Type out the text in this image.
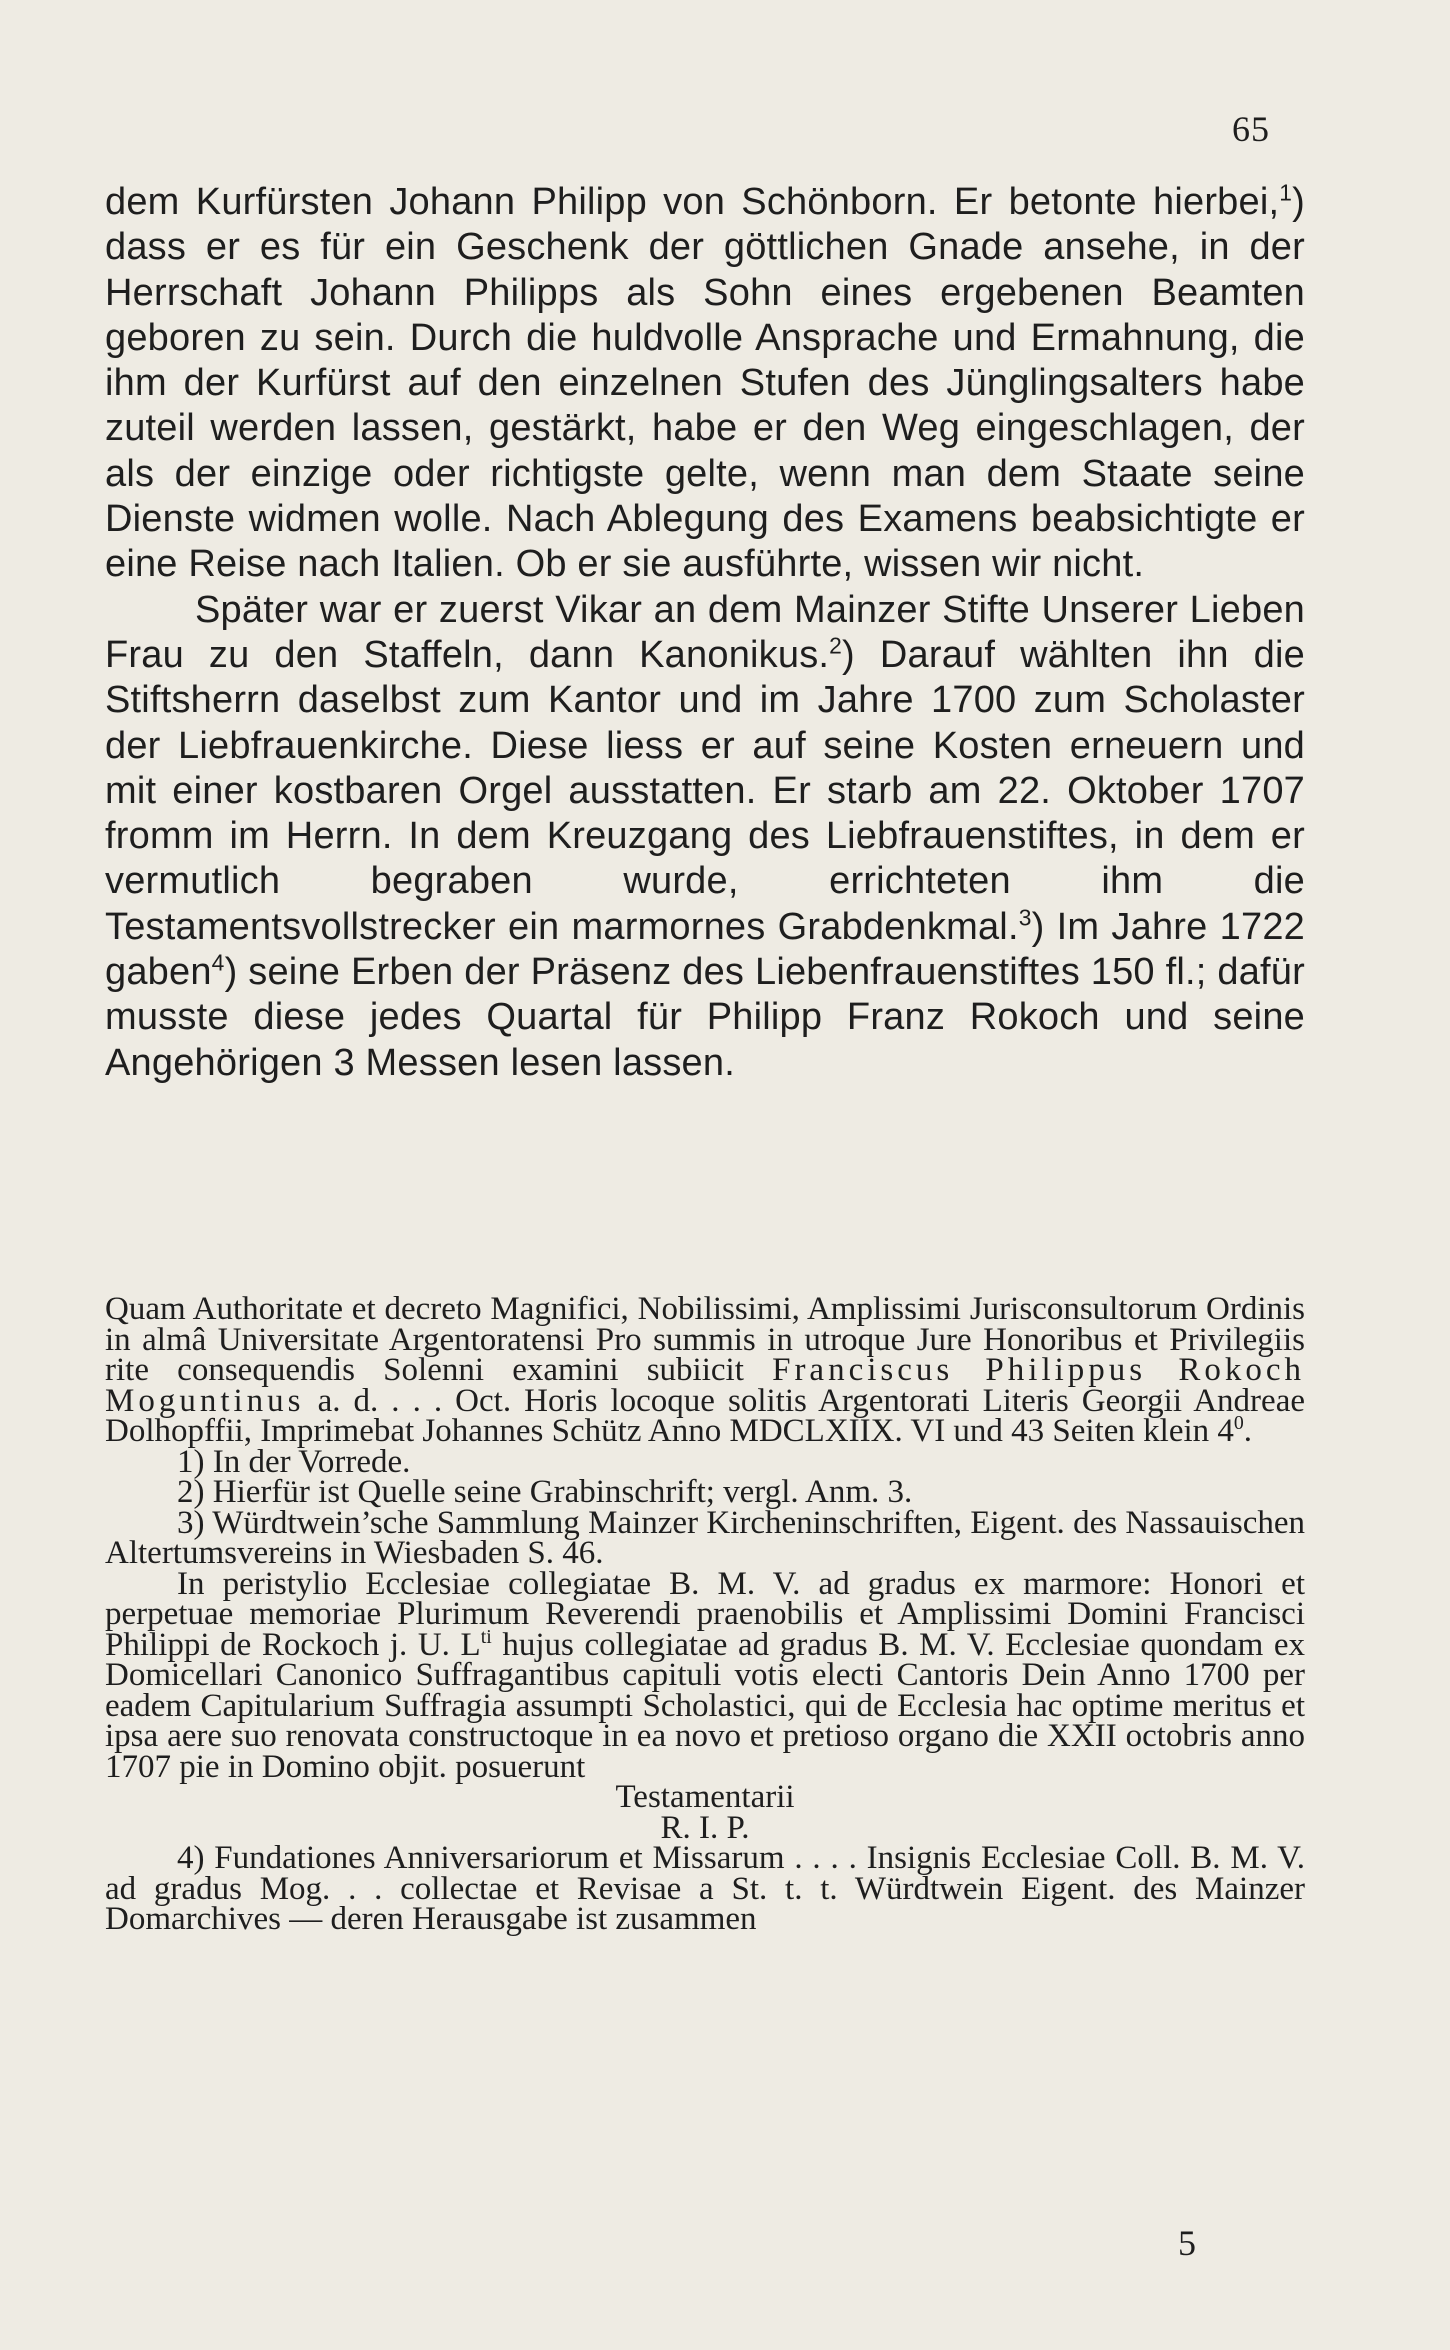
65

dem Kurfürsten Johann Philipp von Schönborn. Er betonte hierbei,$^1$) dass er es für ein Geschenk der göttlichen Gnade ansehe, in der Herrschaft Johann Philipps als Sohn eines ergebenen Beamten geboren zu sein. Durch die huldvolle Ansprache und Ermahnung, die ihm der Kurfürst auf den einzelnen Stufen des Jünglingsalters habe zuteil werden lassen, gestärkt, habe er den Weg eingeschlagen, der als der einzige oder richtigste gelte, wenn man dem Staate seine Dienste widmen wolle. Nach Ablegung des Examens beabsichtigte er eine Reise nach Italien. Ob er sie ausführte, wissen wir nicht.

Später war er zuerst Vikar an dem Mainzer Stifte Unserer Lieben Frau zu den Staffeln, dann Kanonikus.$^2$) Darauf wählten ihn die Stiftsherrn daselbst zum Kantor und im Jahre 1700 zum Scholaster der Liebfrauenkirche. Diese liess er auf seine Kosten erneuern und mit einer kostbaren Orgel ausstatten. Er starb am 22. Oktober 1707 fromm im Herrn. In dem Kreuzgang des Liebfrauenstiftes, in dem er vermutlich begraben wurde, errichteten ihm die Testamentsvollstrecker ein marmornes Grabdenkmal.$^3$) Im Jahre 1722 gaben$^4$) seine Erben der Präsenz des Liebenfrauenstiftes 150 fl.; dafür musste diese jedes Quartal für Philipp Franz Rokoch und seine Angehörigen 3 Messen lesen lassen.

Quam Authoritate et decreto Magnifici, Nobilissimi, Amplissimi Jurisconsultorum Ordinis in almâ Universitate Argentoratensi Pro summis in utroque Jure Honoribus et Privilegiis rite consequendis Solenni examini subiicit Franciscus Philippus Rokoch Moguntinus a. d. . . . Oct. Horis locoque solitis Argentorati Literis Georgii Andreae Dolhopffii, Imprimebat Johannes Schütz Anno MDCLXIIX. VI und 43 Seiten klein $4^0$.

1) In der Vorrede.

2) Hierfür ist Quelle seine Grabinschrift; vergl. Anm. 3.

3) Würdtwein’sche Sammlung Mainzer Kircheninschriften, Eigent. des Nassauischen Altertumsvereins in Wiesbaden S. 46.

In peristylio Ecclesiae collegiatae B. M. V. ad gradus ex marmore: Honori et perpetuae memoriae Plurimum Reverendi praenobilis et Amplissimi Domini Francisci Philippi de Rockoch j. U. $L^{ti}$ hujus collegiatae ad gradus B. M. V. Ecclesiae quondam ex Domicellari Canonico Suffragantibus capituli votis electi Cantoris Dein Anno 1700 per eadem Capitularium Suffragia assumpti Scholastici, qui de Ecclesia hac optime meritus et ipsa aere suo renovata constructoque in ea novo et pretioso organo die XXII octobris anno 1707 pie in Domino objit. posuerunt

Testamentarii

R. I. P.

4) Fundationes Anniversariorum et Missarum . . . . Insignis Ecclesiae Coll. B. M. V. ad gradus Mog. . . collectae et Revisae a St. t. t. Würdtwein Eigent. des Mainzer Domarchives — deren Herausgabe ist zusammen

5
